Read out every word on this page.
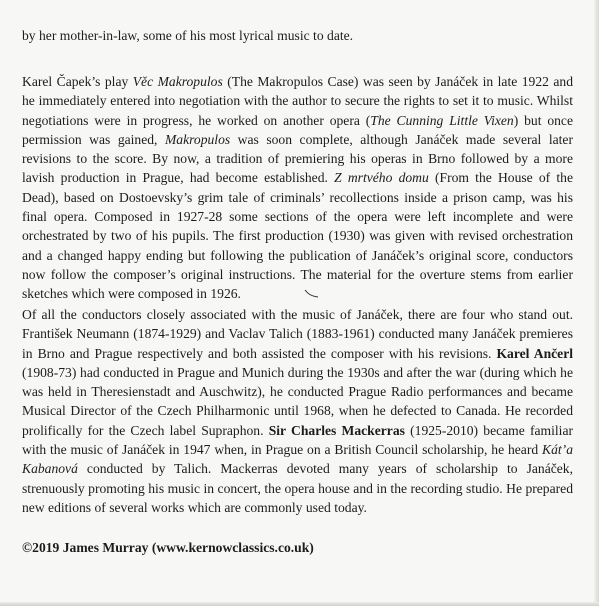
by her mother-in-law, some of his most lyrical music to date.

Karel Čapek’s play Věc Makropulos (The Makropulos Case) was seen by Janáček in late 1922 and he immediately entered into negotiation with the author to secure the rights to set it to music. Whilst negotiations were in progress, he worked on another opera (The Cunning Little Vixen) but once permission was gained, Makropulos was soon complete, although Janáček made several later revisions to the score. By now, a tradition of premiering his operas in Brno followed by a more lavish production in Prague, had become established. Z mrtvého domu (From the House of the Dead), based on Dostoevsky’s grim tale of criminals’ recollections inside a prison camp, was his final opera. Composed in 1927-28 some sections of the opera were left incomplete and were orchestrated by two of his pupils. The first production (1930) was given with revised orchestration and a changed happy ending but following the publication of Janáček’s original score, conductors now follow the composer’s original instructions. The material for the overture stems from earlier sketches which were composed in 1926.

Of all the conductors closely associated with the music of Janáček, there are four who stand out. František Neumann (1874-1929) and Vaclav Talich (1883-1961) conducted many Janáček premieres in Brno and Prague respectively and both assisted the composer with his revisions. Karel Ančerl (1908-73) had conducted in Prague and Munich during the 1930s and after the war (during which he was held in Theresienstadt and Auschwitz), he conducted Prague Radio performances and became Musical Director of the Czech Philharmonic until 1968, when he defected to Canada. He recorded prolifically for the Czech label Supraphon. Sir Charles Mackerras (1925-2010) became familiar with the music of Janáček in 1947 when, in Prague on a British Council scholarship, he heard Kát’a Kabanová conducted by Talich. Mackerras devoted many years of scholarship to Janáček, strenuously promoting his music in concert, the opera house and in the recording studio. He prepared new editions of several works which are commonly used today.

©2019 James Murray (www.kernowclassics.co.uk)
